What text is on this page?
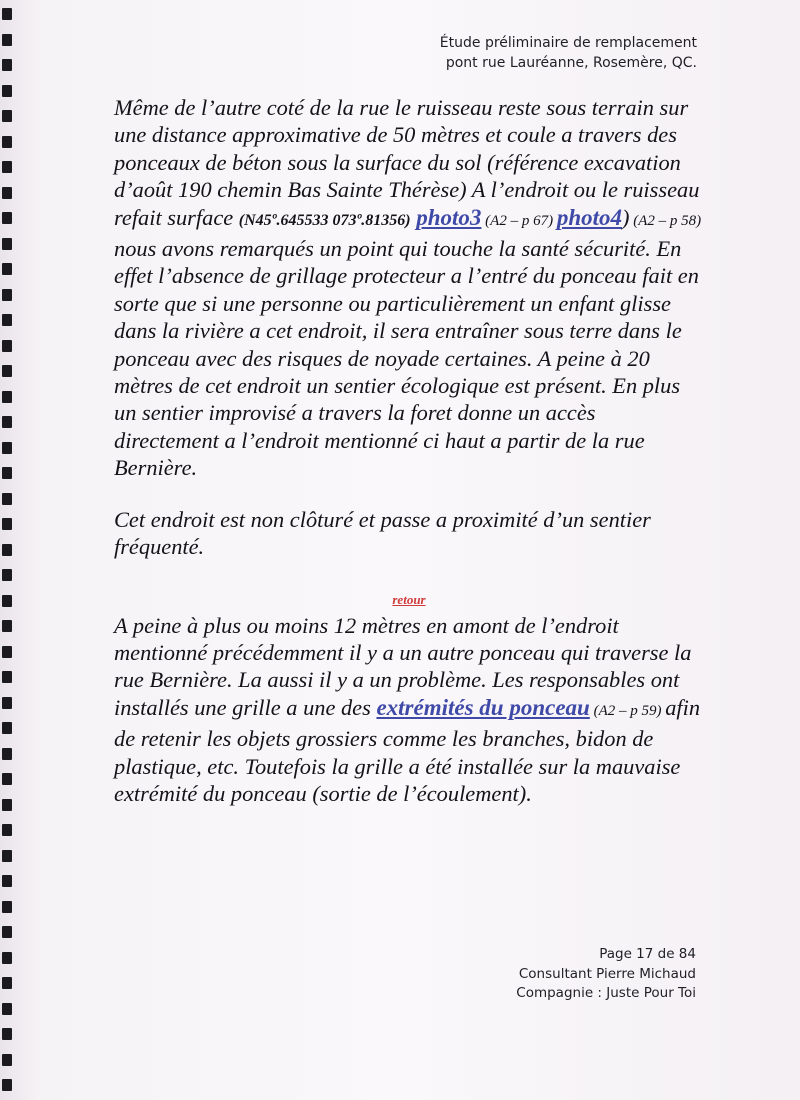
Étude préliminaire de remplacement
pont rue Lauréanne, Rosemère, QC.

Même de l’autre coté de la rue le ruisseau reste sous terrain sur une distance approximative de 50 mètres et coule a travers des ponceaux de béton sous la surface du sol (référence excavation d’août 190 chemin Bas Sainte Thérèse) A l’endroit ou le ruisseau refait surface (N45º.645533 073º.81356) photo3 (A2 – p 67) photo4) (A2 – p 58) nous avons remarqués un point qui touche la santé sécurité. En effet l’absence de grillage protecteur a l’entré du ponceau fait en sorte que si une personne ou particulièrement un enfant glisse dans la rivière a cet endroit, il sera entraîner sous terre dans le ponceau avec des risques de noyade certaines. A peine à 20 mètres de cet endroit un sentier écologique est présent. En plus un sentier improvisé a travers la foret donne un accès directement a l’endroit mentionné ci haut a partir de la rue Bernière.

Cet endroit est non clôturé et passe a proximité d’un sentier fréquenté.

retour

A peine à plus ou moins 12 mètres en amont de l’endroit mentionné précédemment il y a un autre ponceau qui traverse la rue Bernière. La aussi il y a un problème. Les responsables ont installés une grille a une des extrémités du ponceau (A2 – p 59) afin de retenir les objets grossiers comme les branches, bidon de plastique, etc. Toutefois la grille a été installée sur la mauvaise extrémité du ponceau (sortie de l’écoulement).

Page 17 de 84
Consultant Pierre Michaud
Compagnie : Juste Pour Toi
